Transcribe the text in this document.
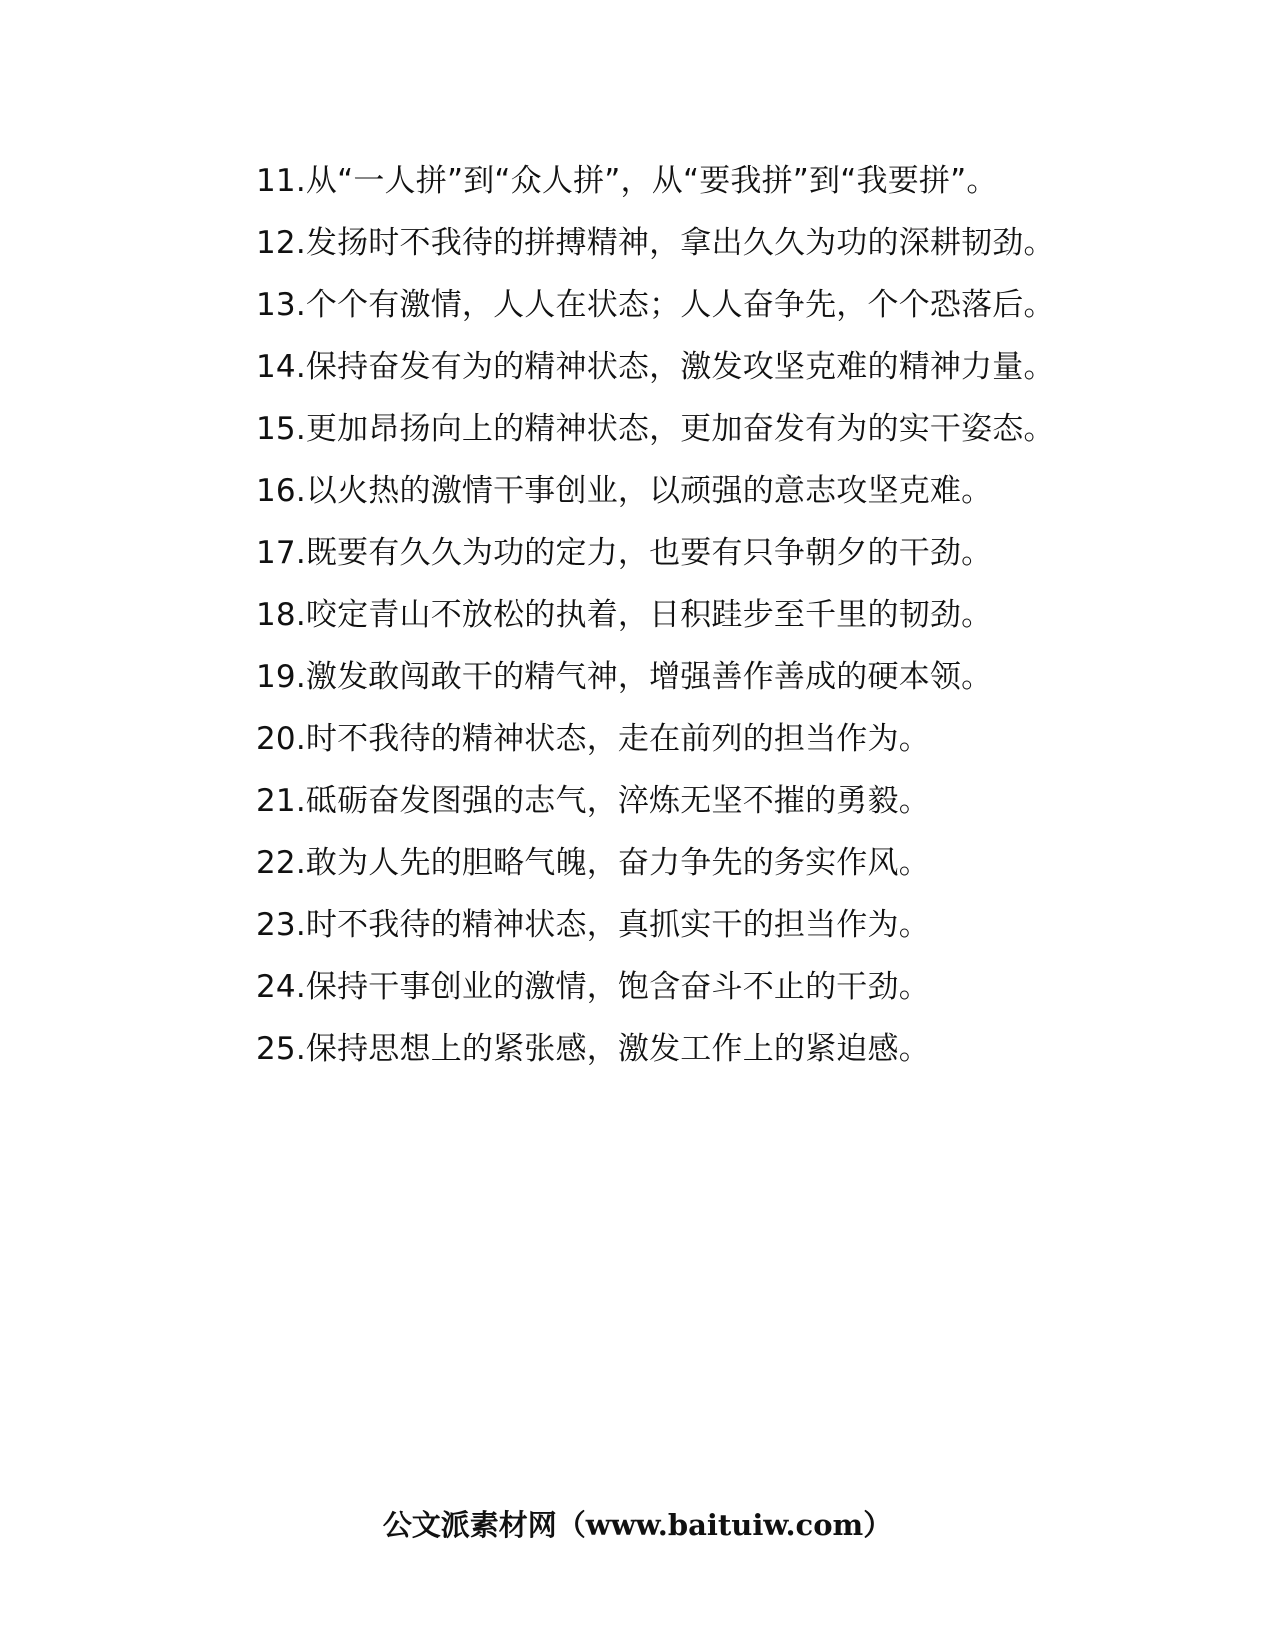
11.从“一人拼”到“众人拼”，从“要我拼”到“我要拼”。

12.发扬时不我待的拼搏精神，拿出久久为功的深耕韧劲。

13.个个有激情，人人在状态；人人奋争先，个个恐落后。

14.保持奋发有为的精神状态，激发攻坚克难的精神力量。

15.更加昂扬向上的精神状态，更加奋发有为的实干姿态。

16.以火热的激情干事创业，以顽强的意志攻坚克难。

17.既要有久久为功的定力，也要有只争朝夕的干劲。

18.咬定青山不放松的执着，日积跬步至千里的韧劲。

19.激发敢闯敢干的精气神，增强善作善成的硬本领。

20.时不我待的精神状态，走在前列的担当作为。

21.砥砺奋发图强的志气，淬炼无坚不摧的勇毅。

22.敢为人先的胆略气魄，奋力争先的务实作风。

23.时不我待的精神状态，真抓实干的担当作为。

24.保持干事创业的激情，饱含奋斗不止的干劲。

25.保持思想上的紧张感，激发工作上的紧迫感。

公文派素材网（www.baituiw.com）
